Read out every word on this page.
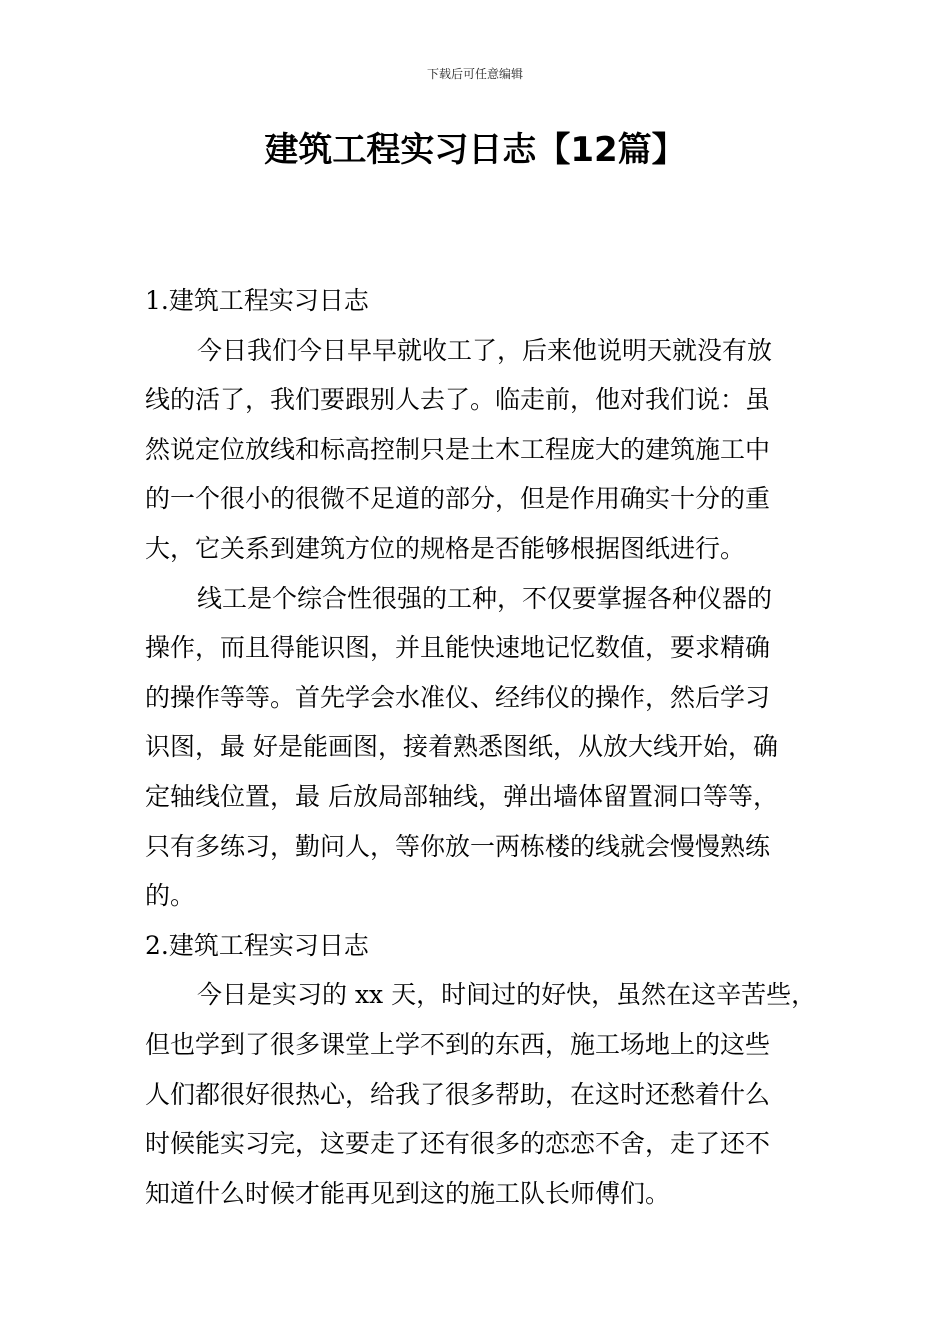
下载后可任意编辑
建筑工程实习日志【12篇】
1.建筑工程实习日志

今日我们今日早早就收工了，后来他说明天就没有放
线的活了，我们要跟别人去了。临走前，他对我们说：虽
然说定位放线和标高控制只是土木工程庞大的建筑施工中
的一个很小的很微不足道的部分，但是作用确实十分的重
大，它关系到建筑方位的规格是否能够根据图纸进行。

线工是个综合性很强的工种，不仅要掌握各种仪器的
操作，而且得能识图，并且能快速地记忆数值，要求精确
的操作等等。首先学会水准仪、经纬仪的操作，然后学习
识图，最 好是能画图，接着熟悉图纸，从放大线开始，确
定轴线位置，最 后放局部轴线，弹出墙体留置洞口等等，
只有多练习，勤问人，等你放一两栋楼的线就会慢慢熟练
的。

2.建筑工程实习日志

今日是实习的 xx 天，时间过的好快，虽然在这辛苦些，
但也学到了很多课堂上学不到的东西，施工场地上的这些
人们都很好很热心，给我了很多帮助，在这时还愁着什么
时候能实习完，这要走了还有很多的恋恋不舍，走了还不
知道什么时候才能再见到这的施工队长师傅们。
